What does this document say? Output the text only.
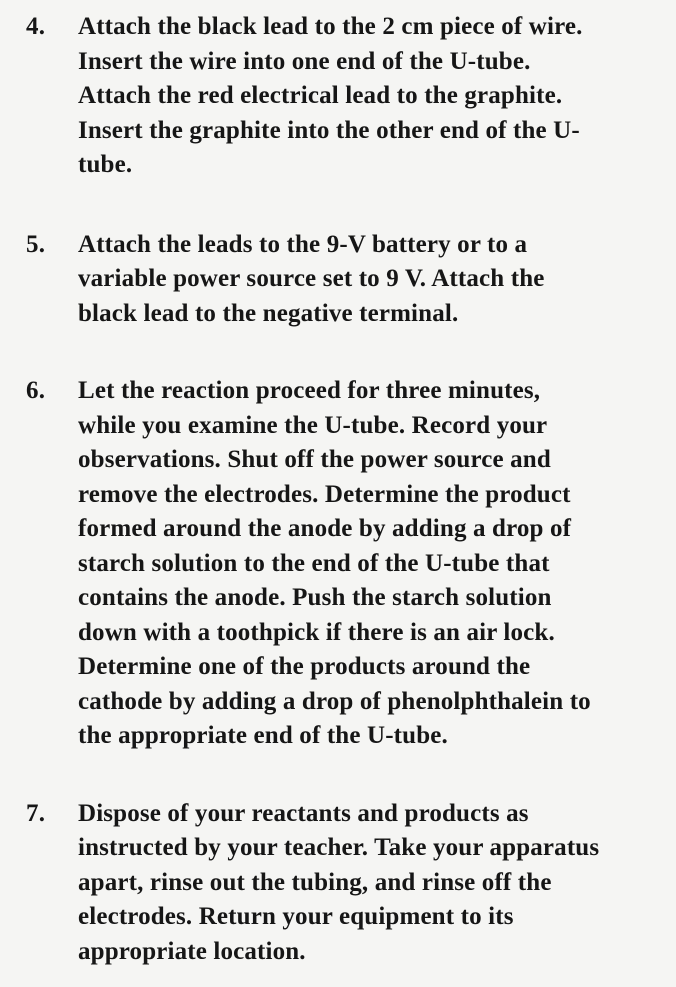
4.	Attach the black lead to the 2 cm piece of wire.
Insert the wire into one end of the U-tube.
Attach the red electrical lead to the graphite.
Insert the graphite into the other end of the U-
tube.
5.	Attach the leads to the 9-V battery or to a
variable power source set to 9 V. Attach the
black lead to the negative terminal.
6.	Let the reaction proceed for three minutes,
while you examine the U-tube. Record your
observations. Shut off the power source and
remove the electrodes. Determine the product
formed around the anode by adding a drop of
starch solution to the end of the U-tube that
contains the anode. Push the starch solution
down with a toothpick if there is an air lock.
Determine one of the products around the
cathode by adding a drop of phenolphthalein to
the appropriate end of the U-tube.
7.	Dispose of your reactants and products as
instructed by your teacher. Take your apparatus
apart, rinse out the tubing, and rinse off the
electrodes. Return your equipment to its
appropriate location.
